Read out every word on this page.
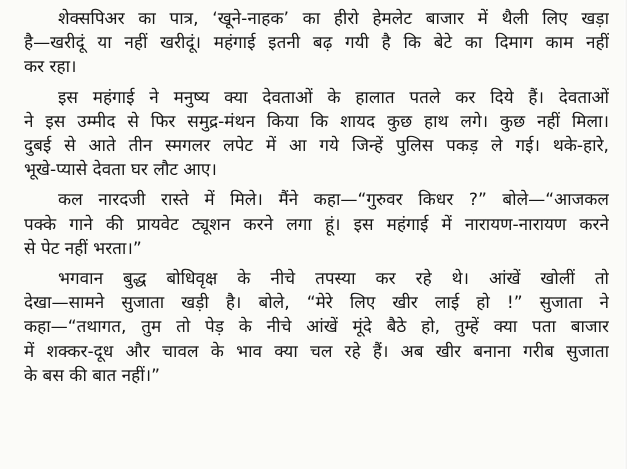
शेक्सपिअर का पात्र, ‘खूने-नाहक’ का हीरो हेमलेट बाजार में थैली लिए खड़ा
है—खरीदूं या नहीं खरीदूं। महंगाई इतनी बढ़ गयी है कि बेटे का दिमाग काम नहीं
कर रहा।
इस महंगाई ने मनुष्य क्या देवताओं के हालात पतले कर दिये हैं। देवताओं
ने इस उम्मीद से फिर समुद्र-मंथन किया कि शायद कुछ हाथ लगे। कुछ नहीं मिला।
दुबई से आते तीन स्मगलर लपेट में आ गये जिन्हें पुलिस पकड़ ले गई। थके-हारे,
भूखे-प्यासे देवता घर लौट आए।
कल नारदजी रास्ते में मिले। मैंने कहा—“गुरुवर किधर ?” बोले—“आजकल
पक्के गाने की प्रायवेट ट्यूशन करने लगा हूं। इस महंगाई में नारायण-नारायण करने
से पेट नहीं भरता।”
भगवान बुद्ध बोधिवृक्ष के नीचे तपस्या कर रहे थे। आंखें खोलीं तो
देखा—सामने सुजाता खड़ी है। बोले, “मेरे लिए खीर लाई हो !” सुजाता ने
कहा—“तथागत, तुम तो पेड़ के नीचे आंखें मूंदे बैठे हो, तुम्हें क्या पता बाजार
में शक्कर-दूध और चावल के भाव क्या चल रहे हैं। अब खीर बनाना गरीब सुजाता
के बस की बात नहीं।”
